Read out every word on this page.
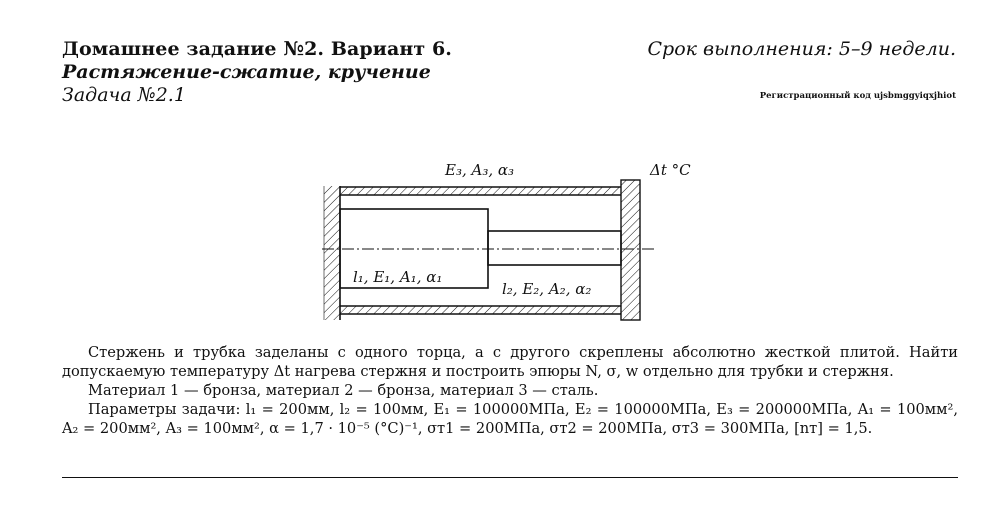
Домашнее задание №2. Вариант 6.	Срок выполнения: 5–9 недели.
Растяжение-сжатие, кручение
Задача №2.1	Регистрационный код ujsbmggyiqxjhiot
E₃, A₃, α₃	Δt °C
l₁, E₁, A₁, α₁
l₂, E₂, A₂, α₂

Стержень и трубка заделаны с одного торца, а с другого скреплены абсолютно жесткой плитой. Найти допускаемую температуру Δt нагрева стержня и построить эпюры N, σ, w отдельно для трубки и стержня.

Материал 1 — бронза, материал 2 — бронза, материал 3 — сталь.

Параметры задачи: l₁ = 200мм, l₂ = 100мм, E₁ = 100000МПа, E₂ = 100000МПа, E₃ = 200000МПа, A₁ = 100мм², A₂ = 200мм², A₃ = 100мм², α = 1,7 · 10⁻⁵ (°C)⁻¹, σт1 = 200МПа, σт2 = 200МПа, σт3 = 300МПа, [nт] = 1,5.
